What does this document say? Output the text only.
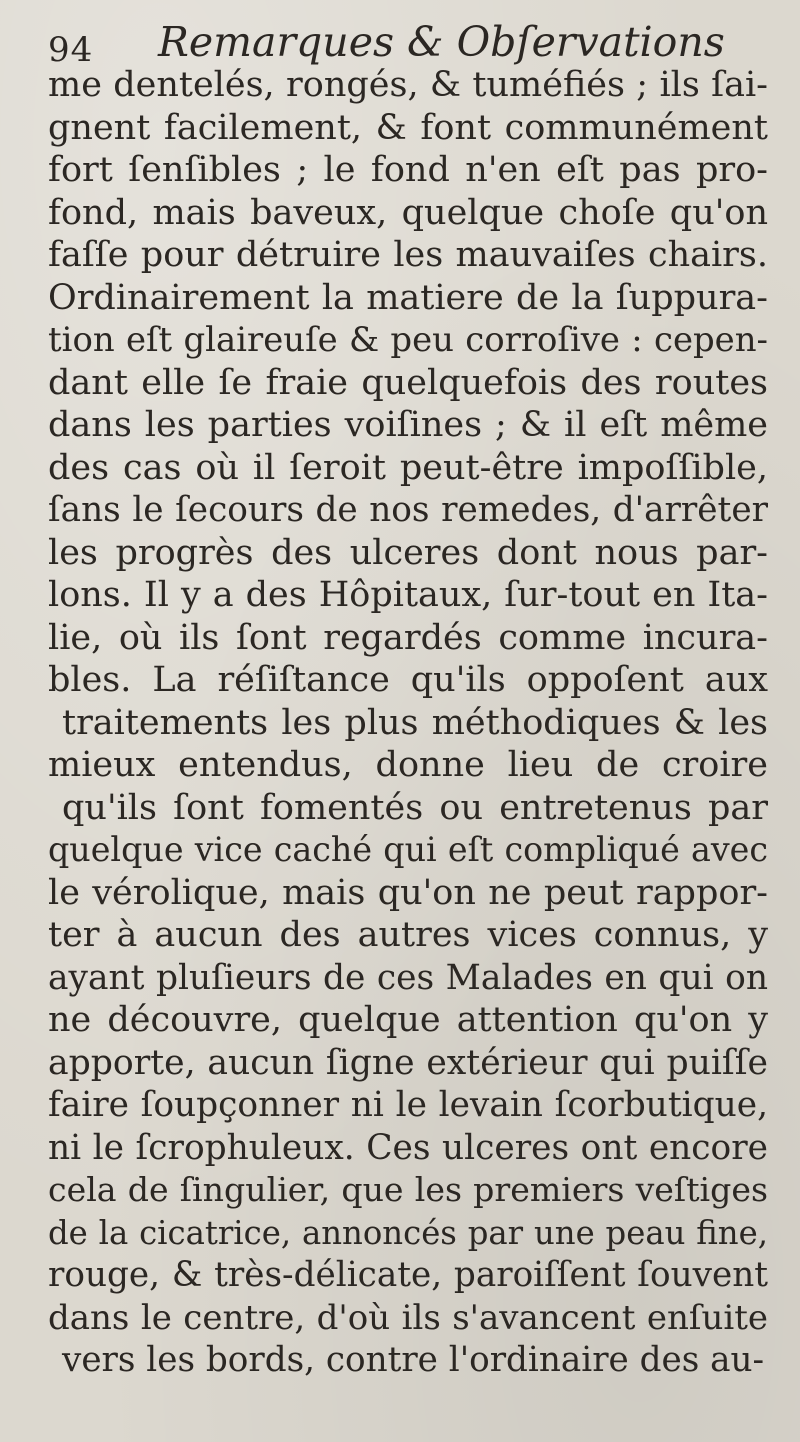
94 Remarques & Obſervations
me dentelés, rongés, & tuméfiés ; ils ſai-
gnent facilement, & font communément
fort ſenſibles ; le fond n'en eſt pas pro-
fond, mais baveux, quelque choſe qu'on
faſſe pour détruire les mauvaiſes chairs.
Ordinairement la matiere de la ſuppura-
tion eſt glaireuſe & peu corroſive : cepen-
dant elle ſe fraie quelquefois des routes
dans les parties voiſines ; & il eſt même
des cas où il ſeroit peut-être impoſſible,
ſans le ſecours de nos remedes, d'arrêter
les progrès des ulceres dont nous par-
lons. Il y a des Hôpitaux, ſur-tout en Ita-
lie, où ils ſont regardés comme incura-
bles. La réſiſtance qu'ils oppoſent aux
traitements les plus méthodiques & les
mieux entendus, donne lieu de croire
qu'ils ſont fomentés ou entretenus par
quelque vice caché qui eſt compliqué avec
le vérolique, mais qu'on ne peut rappor-
ter à aucun des autres vices connus, y
ayant pluſieurs de ces Malades en qui on
ne découvre, quelque attention qu'on y
apporte, aucun ſigne extérieur qui puiſſe
faire ſoupçonner ni le levain ſcorbutique,
ni le ſcrophuleux. Ces ulceres ont encore
cela de ſingulier, que les premiers veſtiges
de la cicatrice, annoncés par une peau fine,
rouge, & très-délicate, paroiſſent ſouvent
dans le centre, d'où ils s'avancent enſuite
vers les bords, contre l'ordinaire des au-
